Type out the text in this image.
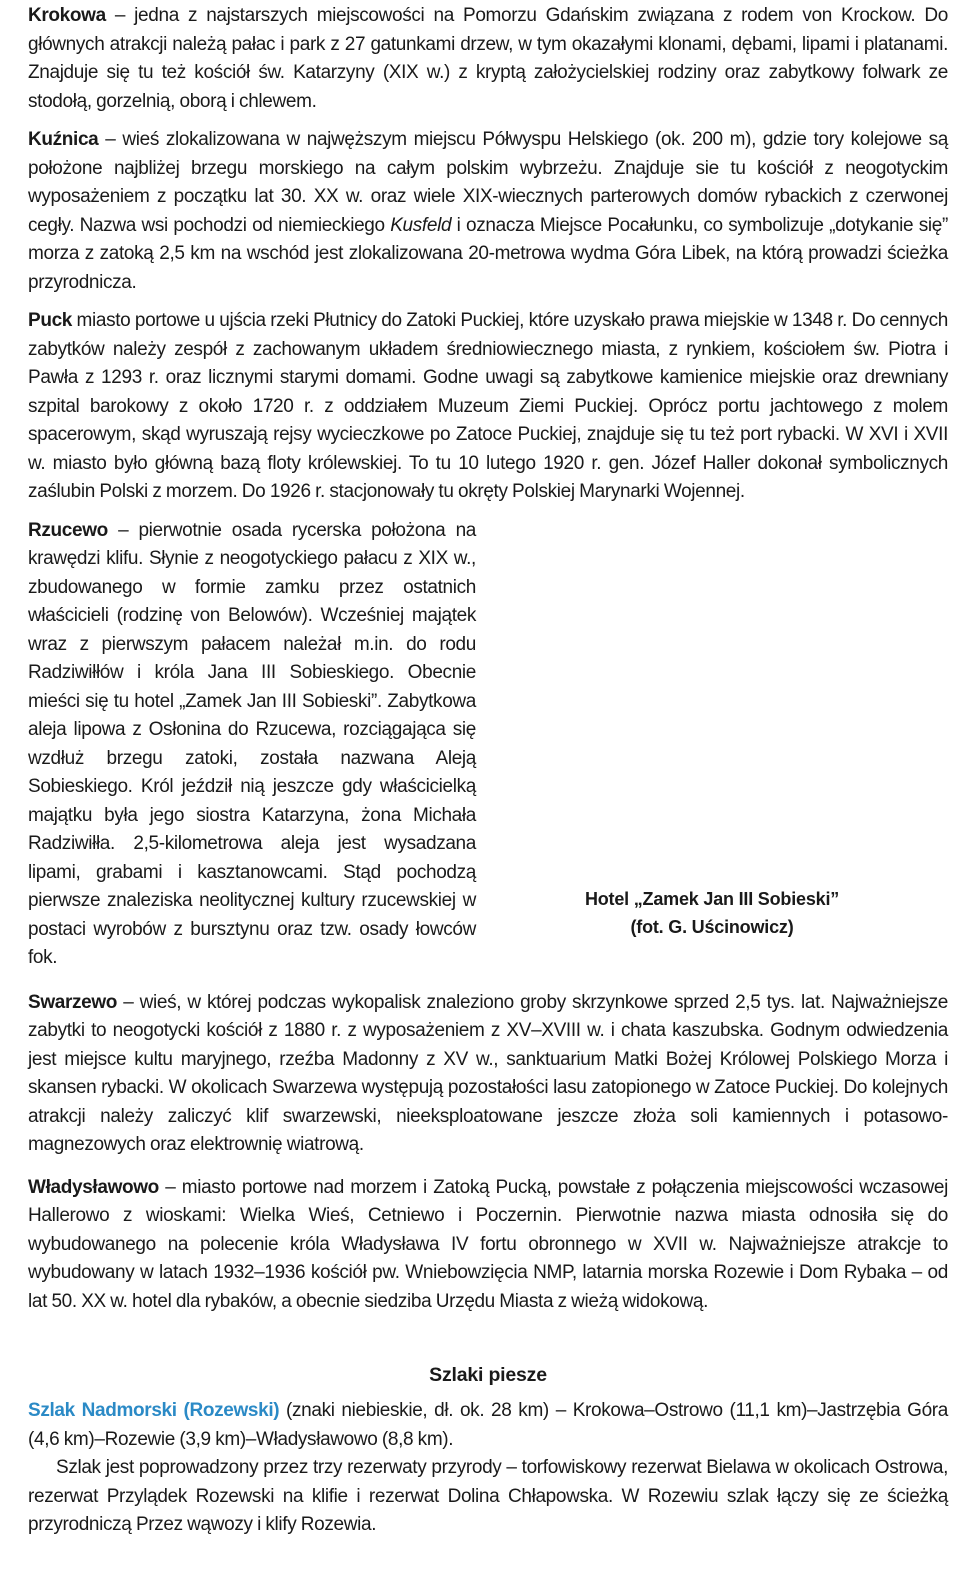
Krokowa – jedna z najstarszych miejscowości na Pomorzu Gdańskim związana z rodem von Krockow. Do głównych atrakcji należą pałac i park z 27 gatunkami drzew, w tym okazałymi klonami, dębami, lipami i platanami. Znajduje się tu też kościół św. Katarzyny (XIX w.) z kryptą założycielskiej rodziny oraz zabytkowy folwark ze stodołą, gorzelnią, oborą i chlewem.

Kuźnica – wieś zlokalizowana w najwęższym miejscu Półwyspu Helskiego (ok. 200 m), gdzie tory kolejowe są położone najbliżej brzegu morskiego na całym polskim wybrzeżu. Znajduje sie tu kościół z neogotyckim wyposażeniem z początku lat 30. XX w. oraz wiele XIX-wiecznych parterowych domów rybackich z czerwonej cegły. Nazwa wsi pochodzi od niemieckiego Kusfeld i oznacza Miejsce Pocałunku, co symbolizuje „dotykanie się” morza z zatoką 2,5 km na wschód jest zlokalizowana 20-metrowa wydma Góra Libek, na którą prowadzi ścieżka przyrodnicza.

Puck miasto portowe u ujścia rzeki Płutnicy do Zatoki Puckiej, które uzyskało prawa miejskie w 1348 r. Do cennych zabytków należy zespół z zachowanym układem średniowiecznego miasta, z rynkiem, kościołem św. Piotra i Pawła z 1293 r. oraz licznymi starymi domami. Godne uwagi są zabytkowe kamienice miejskie oraz drewniany szpital barokowy z około 1720 r. z oddziałem Muzeum Ziemi Puckiej. Oprócz portu jachtowego z molem spacerowym, skąd wyruszają rejsy wycieczkowe po Zatoce Puckiej, znajduje się tu też port rybacki. W XVI i XVII w. miasto było główną bazą floty królewskiej. To tu 10 lutego 1920 r. gen. Józef Haller dokonał symbolicznych zaślubin Polski z morzem. Do 1926 r. stacjonowały tu okręty Polskiej Marynarki Wojennej.

Rzucewo – pierwotnie osada rycerska położona na krawędzi klifu. Słynie z neogotyckiego pałacu z XIX w., zbudowanego w formie zamku przez ostatnich właścicieli (rodzinę von Belowów). Wcześniej majątek wraz z pierwszym pałacem należał m.in. do rodu Radziwiłłów i króla Jana III Sobieskiego. Obecnie mieści się tu hotel „Zamek Jan III Sobieski”. Zabytkowa aleja lipowa z Osłonina do Rzucewa, rozciągająca się wzdłuż brzegu zatoki, została nazwana Aleją Sobieskiego. Król jeździł nią jeszcze gdy właścicielką majątku była jego siostra Katarzyna, żona Michała Radziwiłła. 2,5-kilometrowa aleja jest wysadzana lipami, grabami i kasztanowcami. Stąd pochodzą pierwsze znaleziska neolitycznej kultury rzucewskiej w postaci wyrobów z bursztynu oraz tzw. osady łowców fok.

Hotel „Zamek Jan III Sobieski”
(fot. G. Uścinowicz)

Swarzewo – wieś, w której podczas wykopalisk znaleziono groby skrzynkowe sprzed 2,5 tys. lat. Najważniejsze zabytki to neogotycki kościół z 1880 r. z wyposażeniem z XV–XVIII w. i chata kaszubska. Godnym odwiedzenia jest miejsce kultu maryjnego, rzeźba Madonny z XV w., sanktuarium Matki Bożej Królowej Polskiego Morza i skansen rybacki. W okolicach Swarzewa występują pozostałości lasu zatopionego w Zatoce Puckiej. Do kolejnych atrakcji należy zaliczyć klif swarzewski, nieeksploatowane jeszcze złoża soli kamiennych i potasowo-magnezowych oraz elektrownię wiatrową.

Władysławowo – miasto portowe nad morzem i Zatoką Pucką, powstałe z połączenia miejscowości wczasowej Hallerowo z wioskami: Wielka Wieś, Cetniewo i Poczernin. Pierwotnie nazwa miasta odnosiła się do wybudowanego na polecenie króla Władysława IV fortu obronnego w XVII w. Najważniejsze atrakcje to wybudowany w latach 1932–1936 kościół pw. Wniebowzięcia NMP, latarnia morska Rozewie i Dom Rybaka – od lat 50. XX w. hotel dla rybaków, a obecnie siedziba Urzędu Miasta z wieżą widokową.

Szlaki piesze

Szlak Nadmorski (Rozewski) (znaki niebieskie, dł. ok. 28 km) – Krokowa–Ostrowo (11,1 km)–Jastrzębia Góra (4,6 km)–Rozewie (3,9 km)–Władysławowo (8,8 km).

Szlak jest poprowadzony przez trzy rezerwaty przyrody – torfowiskowy rezerwat Bielawa w okolicach Ostrowa, rezerwat Przylądek Rozewski na klifie i rezerwat Dolina Chłapowska. W Rozewiu szlak łączy się ze ścieżką przyrodniczą Przez wąwozy i klify Rozewia.
